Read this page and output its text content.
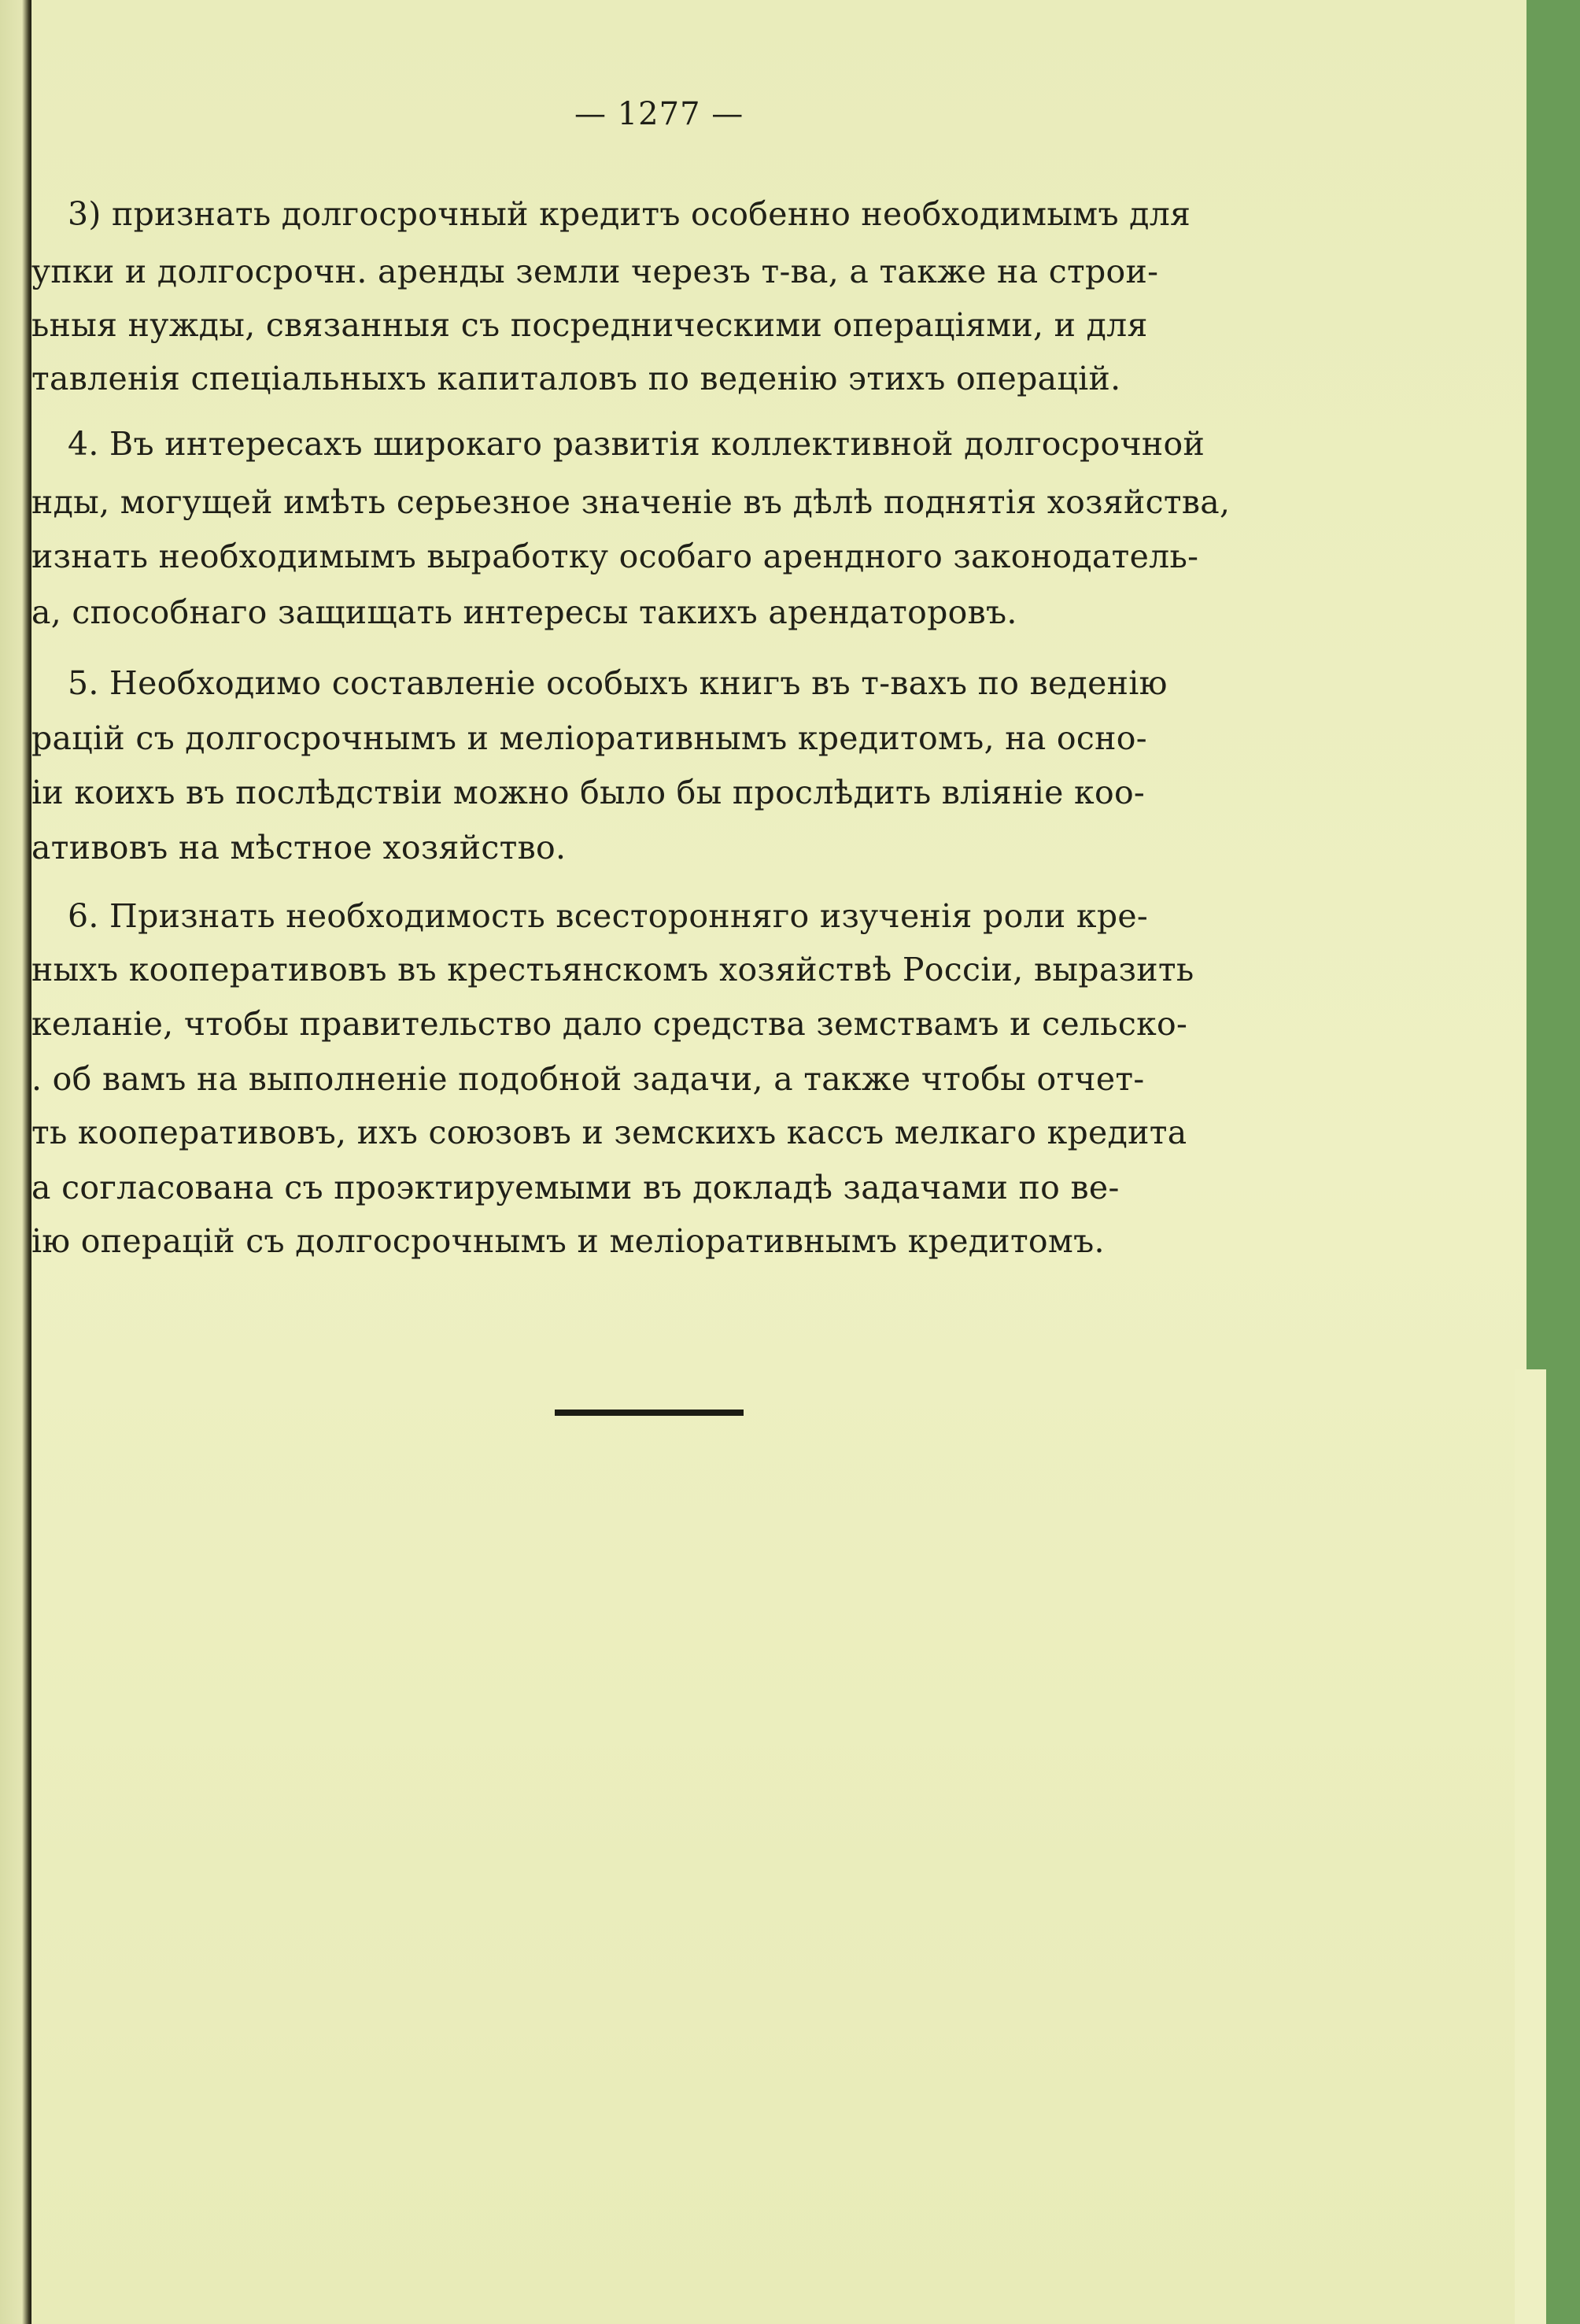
— 1277 —
3) признать долгосрочный кредитъ особенно необходимымъ для
упки и долгосрочн. аренды земли черезъ т-ва, а также на строи-
ьныя нужды, связанныя съ посредническими операціями, и для
тавленія спеціальныхъ капиталовъ по веденію этихъ операцій.
4. Въ интересахъ широкаго развитія коллективной долгосрочной
нды, могущей имѣть серьезное значеніе въ дѣлѣ поднятія хозяйства,
изнать необходимымъ выработку особаго арендного законодатель-
а, способнаго защищать интересы такихъ арендаторовъ.
5. Необходимо составленіе особыхъ книгъ въ т-вахъ по веденію
рацій съ долгосрочнымъ и меліоративнымъ кредитомъ, на осно-
іи коихъ въ послѣдствіи можно было бы прослѣдить вліяніе коо-
ативовъ на мѣстное хозяйство.
6. Признать необходимость всесторонняго изученія роли кре-
ныхъ кооперативовъ въ крестьянскомъ хозяйствѣ Россіи, выразить
келаніе, чтобы правительство дало средства земствамъ и сельско-
. об вамъ на выполненіе подобной задачи, а также чтобы отчет-
ть кооперативовъ, ихъ союзовъ и земскихъ кассъ мелкаго кредита
а согласована съ проэктируемыми въ докладѣ задачами по ве-
ію операцій съ долгосрочнымъ и меліоративнымъ кредитомъ.
